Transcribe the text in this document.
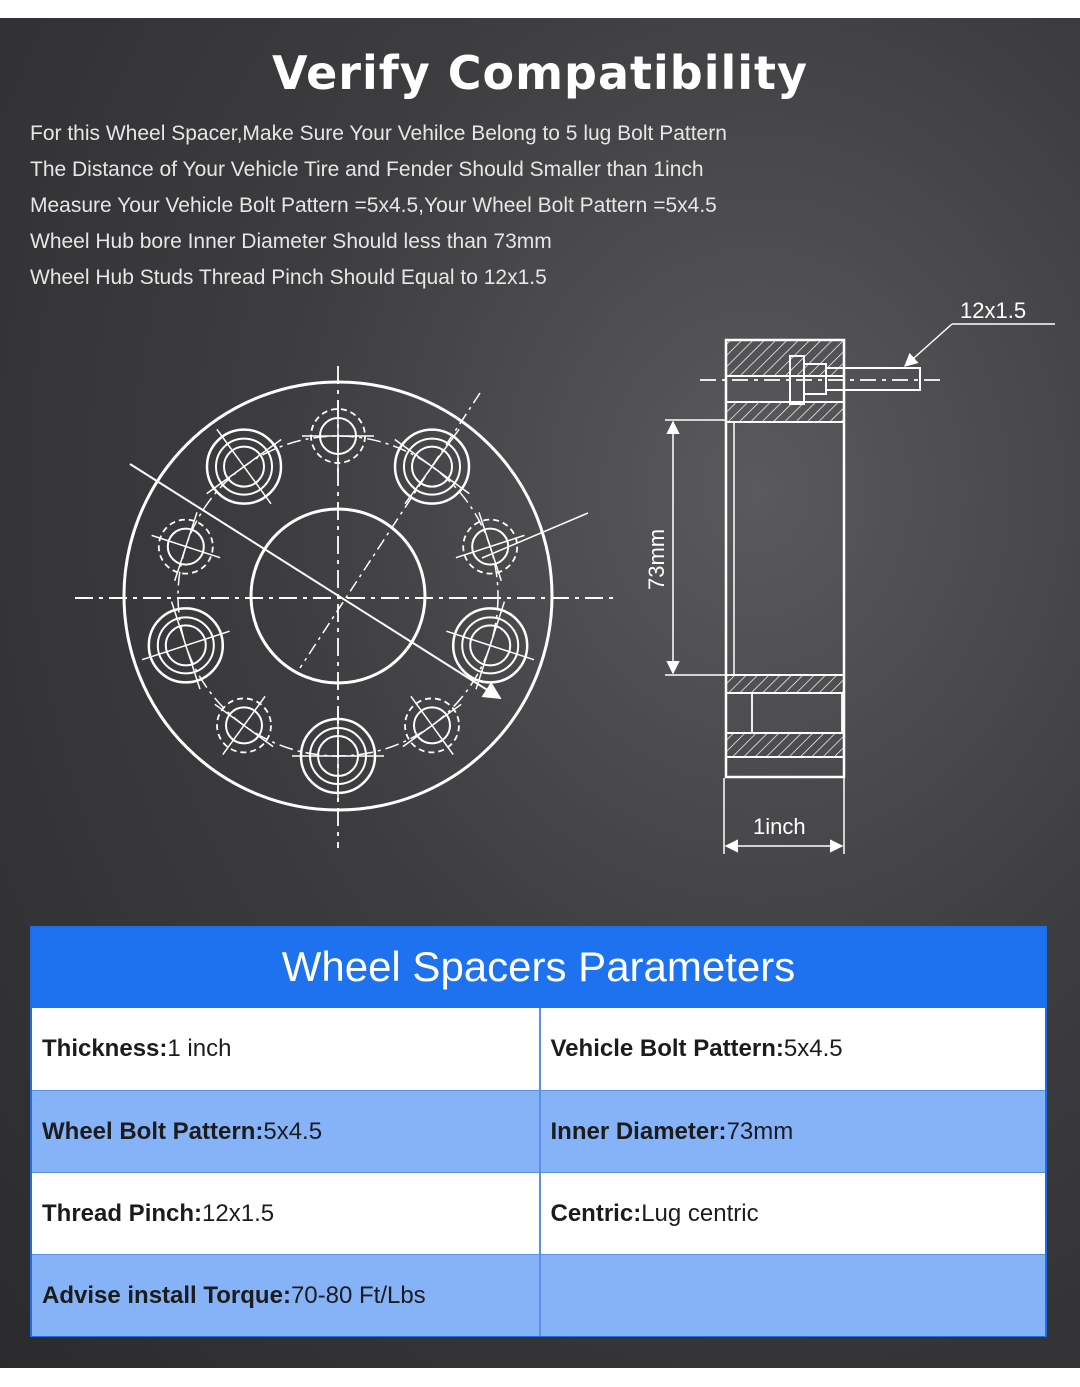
Verify Compatibility
For this Wheel Spacer,Make Sure Your Vehilce Belong to 5 lug Bolt Pattern
The Distance of Your Vehicle Tire and Fender Should Smaller than 1inch
Measure Your Vehicle Bolt Pattern =5x4.5,Your Wheel Bolt Pattern =5x4.5
Wheel Hub bore Inner Diameter Should less than 73mm
Wheel Hub Studs Thread Pinch Should Equal to 12x1.5
12x1.5
73mm
1inch
Wheel Spacers Parameters
Thickness: 1 inch	Vehicle Bolt Pattern: 5x4.5
Wheel Bolt Pattern: 5x4.5	Inner Diameter: 73mm
Thread Pinch: 12x1.5	Centric: Lug centric
Advise install Torque: 70-80 Ft/Lbs
